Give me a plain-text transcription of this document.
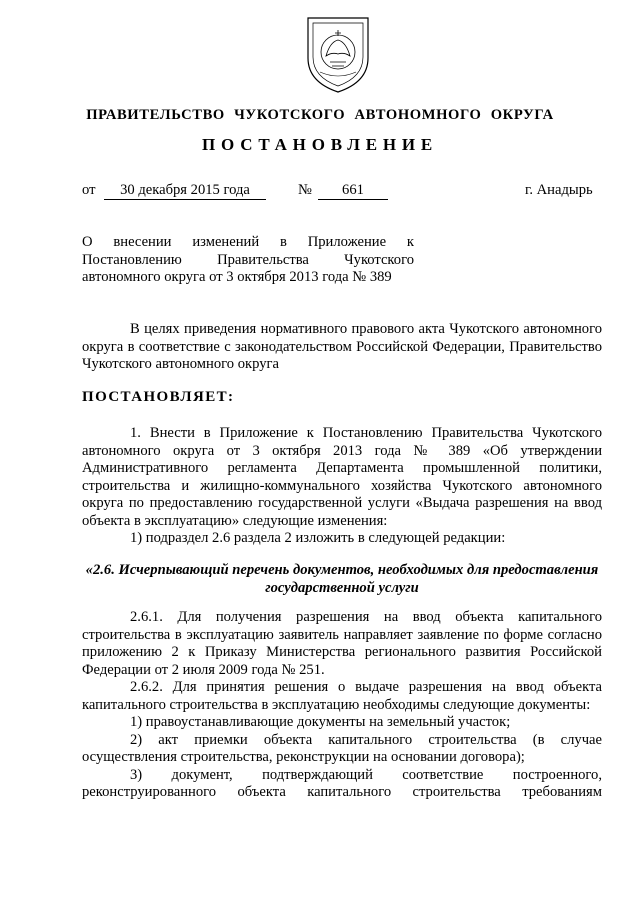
ПРАВИТЕЛЬСТВО ЧУКОТСКОГО АВТОНОМНОГО ОКРУГА
ПОСТАНОВЛЕНИЕ
от	30 декабря 2015 года	№	661	г. Анадырь
О внесении изменений в Приложение к Постановлению Правительства Чукотского автономного округа от 3 октября 2013 года № 389

В целях приведения нормативного правового акта Чукотского автономного округа в соответствие с законодательством Российской Федерации, Правительство Чукотского автономного округа

ПОСТАНОВЛЯЕТ:

1. Внести в Приложение к Постановлению Правительства Чукотского автономного округа от 3 октября 2013 года № 389 «Об утверждении Административного регламента Департамента промышленной политики, строительства и жилищно-коммунального хозяйства Чукотского автономного округа по предоставлению государственной услуги «Выдача разрешения на ввод объекта в эксплуатацию» следующие изменения:

1) подраздел 2.6 раздела 2 изложить в следующей редакции:

«2.6. Исчерпывающий перечень документов, необходимых для предоставления государственной услуги

2.6.1. Для получения разрешения на ввод объекта капитального строительства в эксплуатацию заявитель направляет заявление по форме согласно приложению 2 к Приказу Министерства регионального развития Российской Федерации от 2 июля 2009 года № 251.

2.6.2. Для принятия решения о выдаче разрешения на ввод объекта капитального строительства в эксплуатацию необходимы следующие документы:

1) правоустанавливающие документы на земельный участок;

2) акт приемки объекта капитального строительства (в случае осуществления строительства, реконструкции на основании договора);

3) документ, подтверждающий соответствие построенного, реконструированного объекта капитального строительства требованиям
